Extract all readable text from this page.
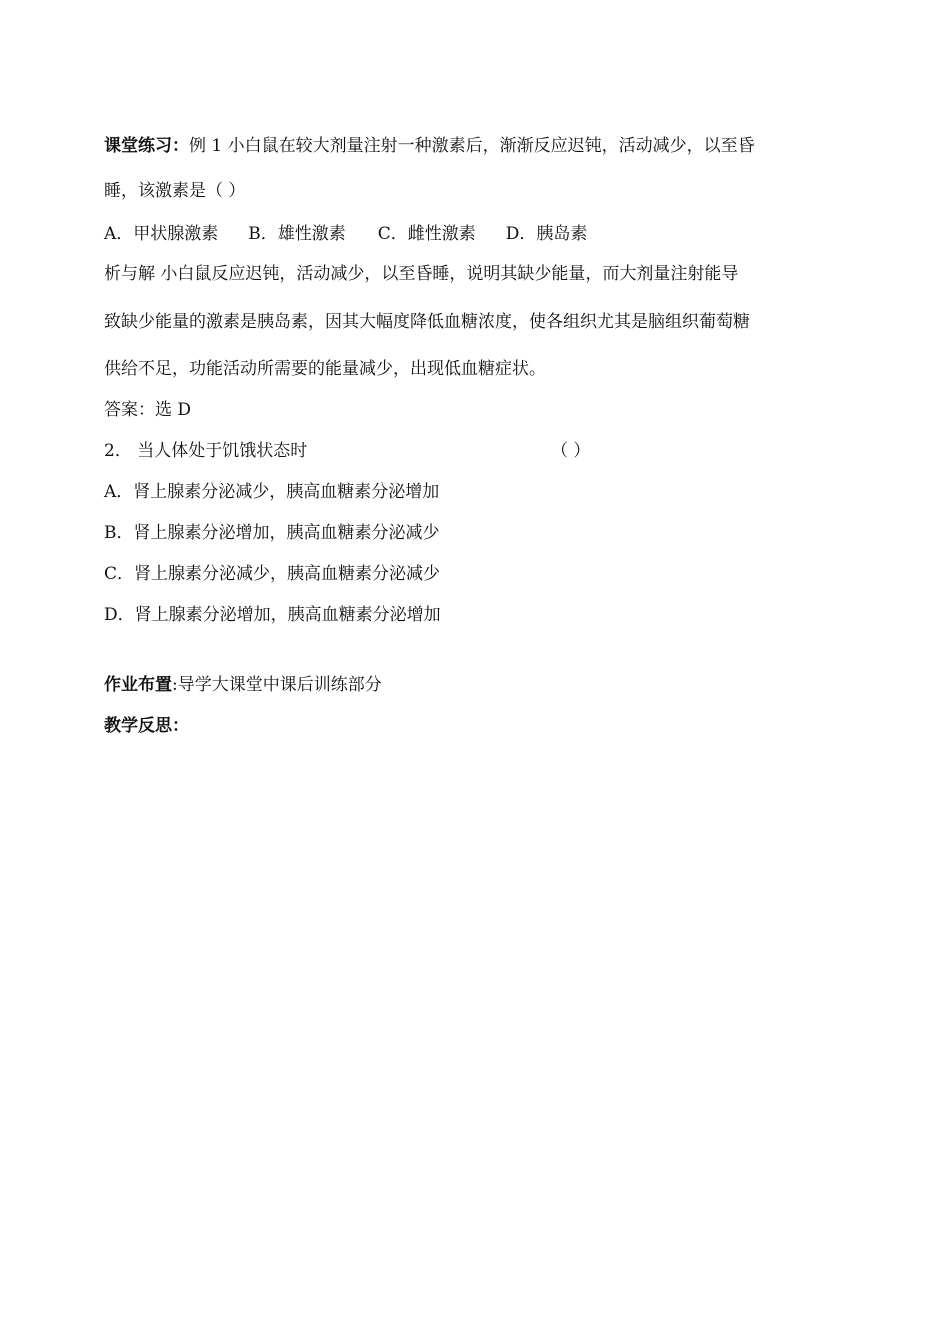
课堂练习：例 1 小白鼠在较大剂量注射一种激素后，渐渐反应迟钝，活动减少，以至昏
睡，该激素是（ ）
A．甲状腺激素 B．雄性激素 C．雌性激素 D．胰岛素
析与解 小白鼠反应迟钝，活动减少，以至昏睡，说明其缺少能量，而大剂量注射能导
致缺少能量的激素是胰岛素，因其大幅度降低血糖浓度，使各组织尤其是脑组织葡萄糖
供给不足，功能活动所需要的能量减少，出现低血糖症状。
答案：选 D
2． 当人体处于饥饿状态时	（ ）
A．肾上腺素分泌减少，胰高血糖素分泌增加
B．肾上腺素分泌增加，胰高血糖素分泌减少
C．肾上腺素分泌减少，胰高血糖素分泌减少
D．肾上腺素分泌增加，胰高血糖素分泌增加
作业布置:导学大课堂中课后训练部分
教学反思：
